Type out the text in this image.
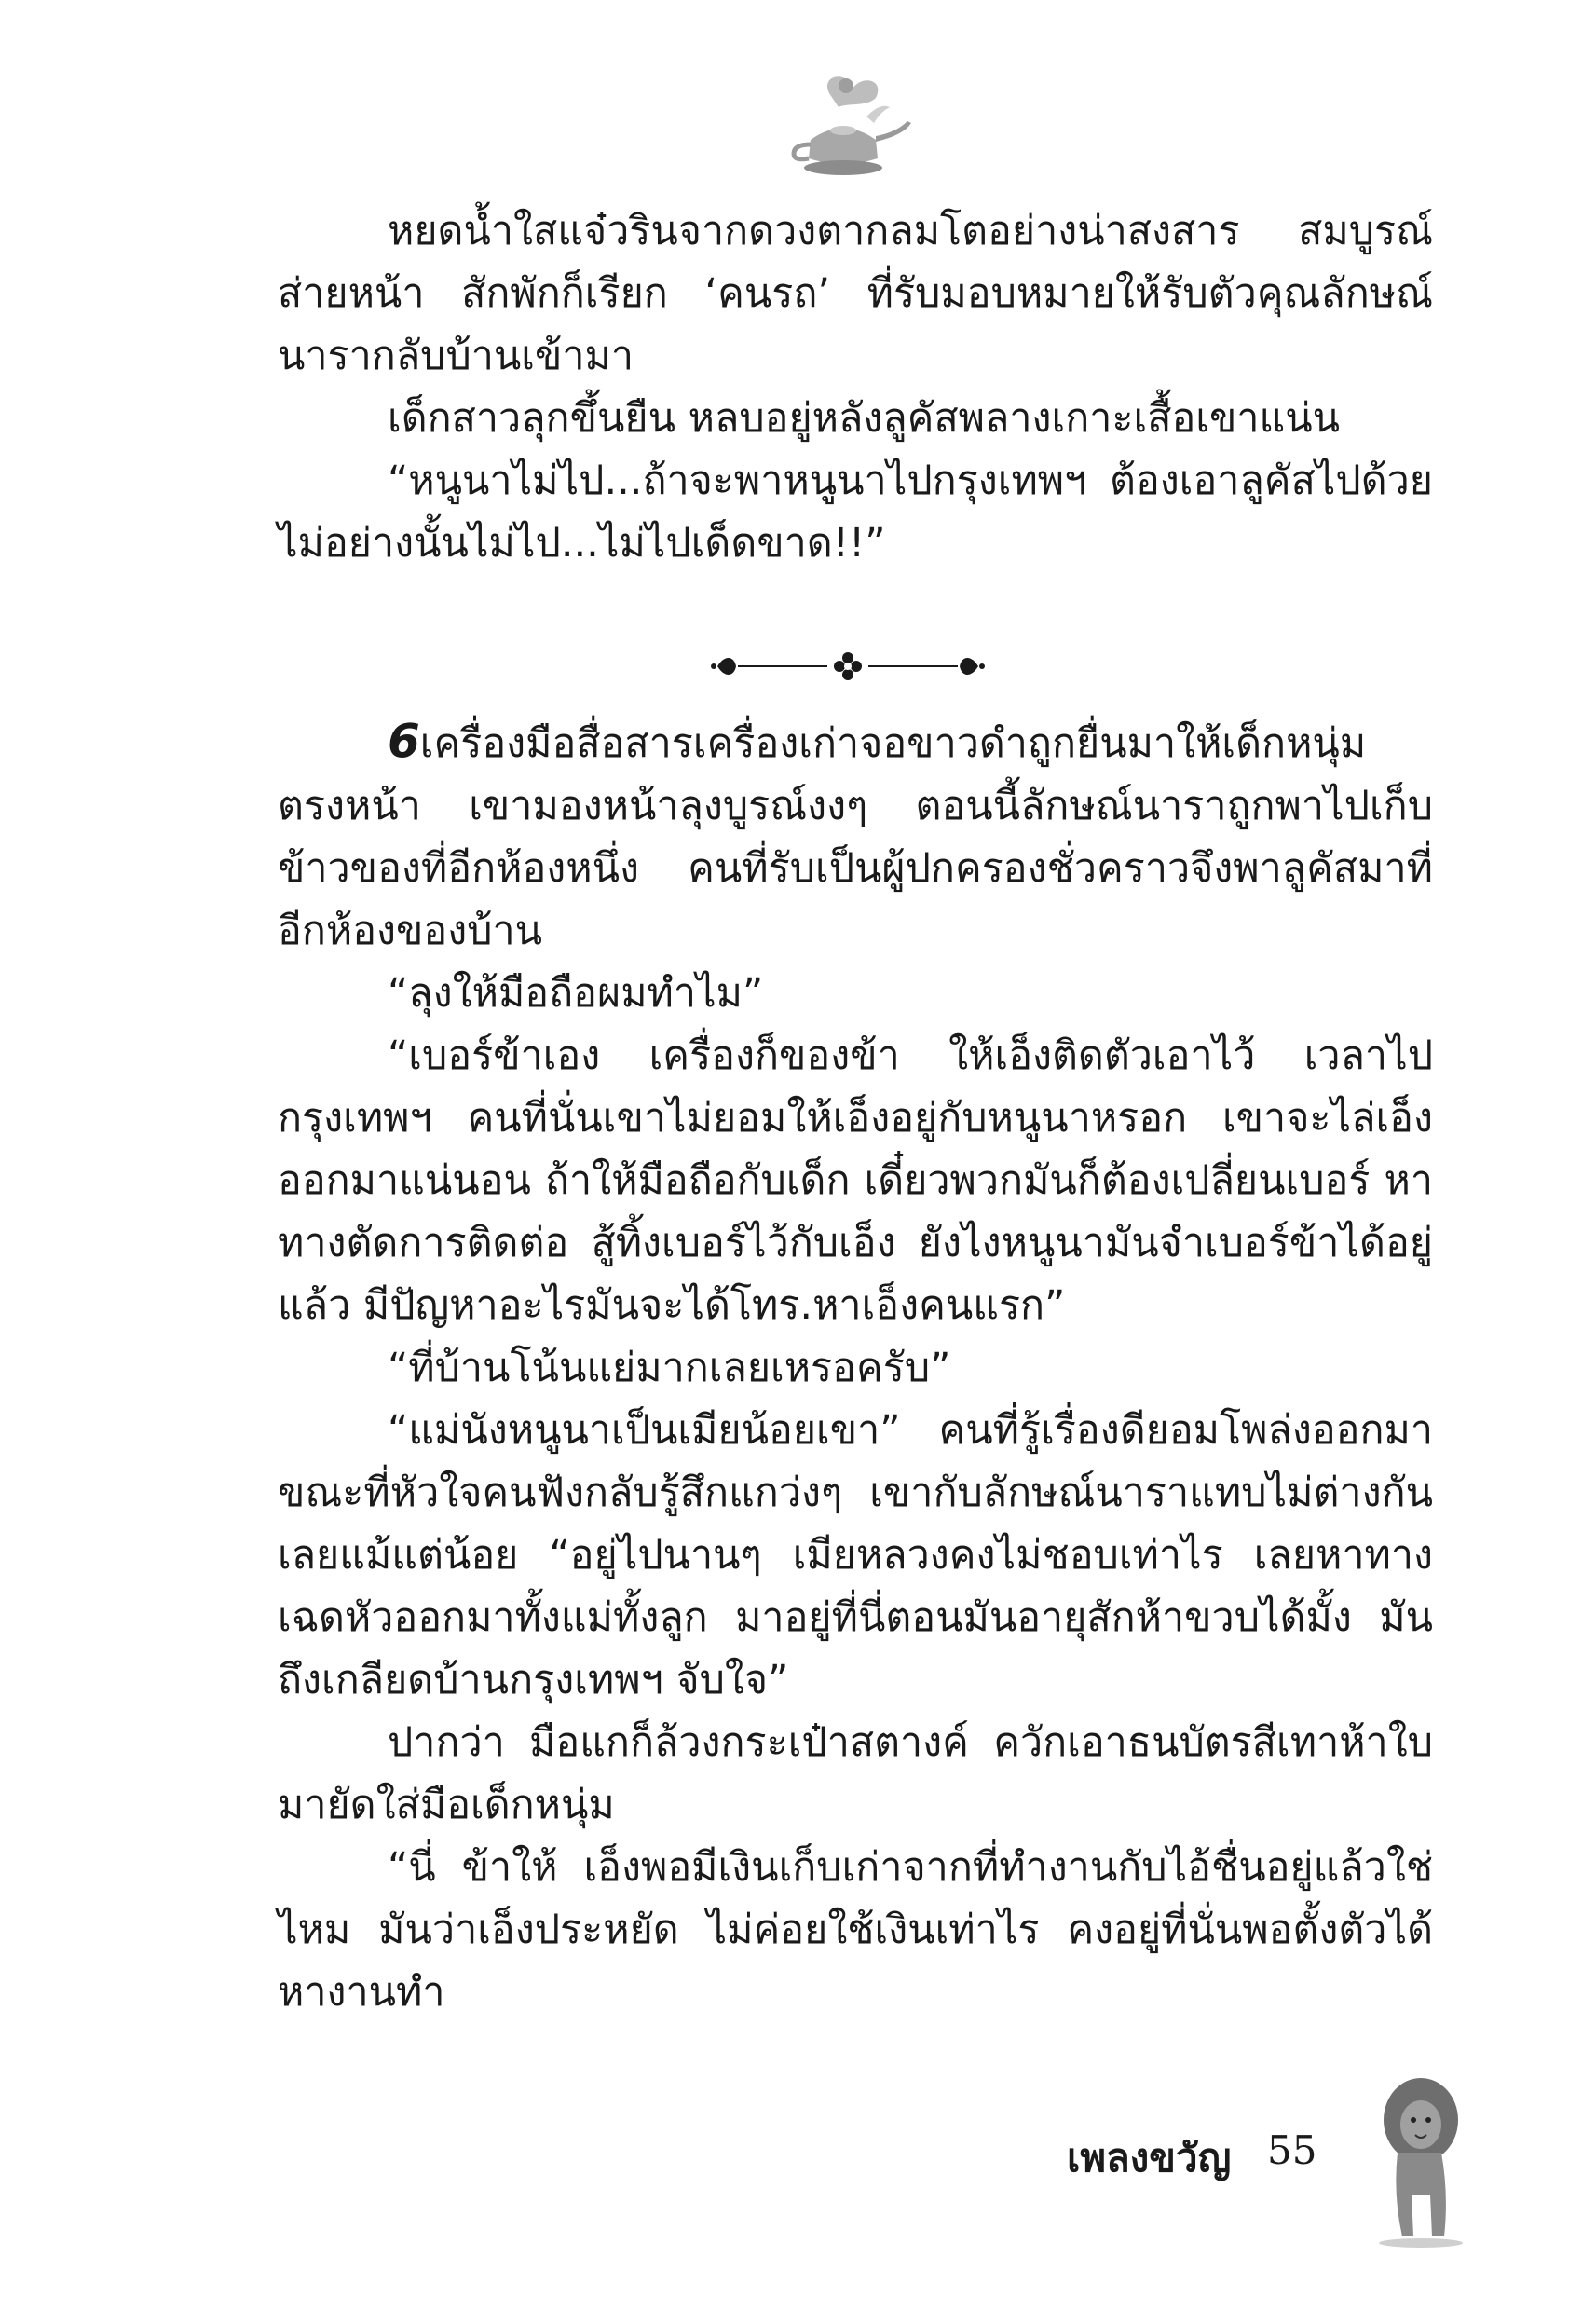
หยดน้ำใสแจ๋วรินจากดวงตากลมโตอย่างน่าสงสาร สมบูรณ์ส่ายหน้า สักพักก็เรียก ‘คนรถ’ ที่รับมอบหมายให้รับตัวคุณลักษณ์นารากลับบ้านเข้ามา

เด็กสาวลุกขึ้นยืน หลบอยู่หลังลูคัสพลางเกาะเสื้อเขาแน่น

“หนูนาไม่ไป...ถ้าจะพาหนูนาไปกรุงเทพฯ ต้องเอาลูคัสไปด้วย ไม่อย่างนั้นไม่ไป...ไม่ไปเด็ดขาด!!”

6เครื่องมือสื่อสารเครื่องเก่าจอขาวดำถูกยื่นมาให้เด็กหนุ่มตรงหน้า เขามองหน้าลุงบูรณ์งงๆ ตอนนี้ลักษณ์นาราถูกพาไปเก็บข้าวของที่อีกห้องหนึ่ง คนที่รับเป็นผู้ปกครองชั่วคราวจึงพาลูคัสมาที่อีกห้องของบ้าน

“ลุงให้มือถือผมทำไม”

“เบอร์ข้าเอง เครื่องก็ของข้า ให้เอ็งติดตัวเอาไว้ เวลาไปกรุงเทพฯ คนที่นั่นเขาไม่ยอมให้เอ็งอยู่กับหนูนาหรอก เขาจะไล่เอ็งออกมาแน่นอน ถ้าให้มือถือกับเด็ก เดี๋ยวพวกมันก็ต้องเปลี่ยนเบอร์ หาทางตัดการติดต่อ สู้ทิ้งเบอร์ไว้กับเอ็ง ยังไงหนูนามันจำเบอร์ข้าได้อยู่แล้ว มีปัญหาอะไรมันจะได้โทร.หาเอ็งคนแรก”

“ที่บ้านโน้นแย่มากเลยเหรอครับ”

“แม่นังหนูนาเป็นเมียน้อยเขา” คนที่รู้เรื่องดียอมโพล่งออกมา ขณะที่หัวใจคนฟังกลับรู้สึกแกว่งๆ เขากับลักษณ์นาราแทบไม่ต่างกันเลยแม้แต่น้อย “อยู่ไปนานๆ เมียหลวงคงไม่ชอบเท่าไร เลยหาทางเฉดหัวออกมาทั้งแม่ทั้งลูก มาอยู่ที่นี่ตอนมันอายุสักห้าขวบได้มั้ง มันถึงเกลียดบ้านกรุงเทพฯ จับใจ”

ปากว่า มือแกก็ล้วงกระเป๋าสตางค์ ควักเอาธนบัตรสีเทาห้าใบมายัดใส่มือเด็กหนุ่ม

“นี่ ข้าให้ เอ็งพอมีเงินเก็บเก่าจากที่ทำงานกับไอ้ชื่นอยู่แล้วใช่ไหม มันว่าเอ็งประหยัด ไม่ค่อยใช้เงินเท่าไร คงอยู่ที่นั่นพอตั้งตัวได้ หางานทำ

เพลงขวัญ 55
